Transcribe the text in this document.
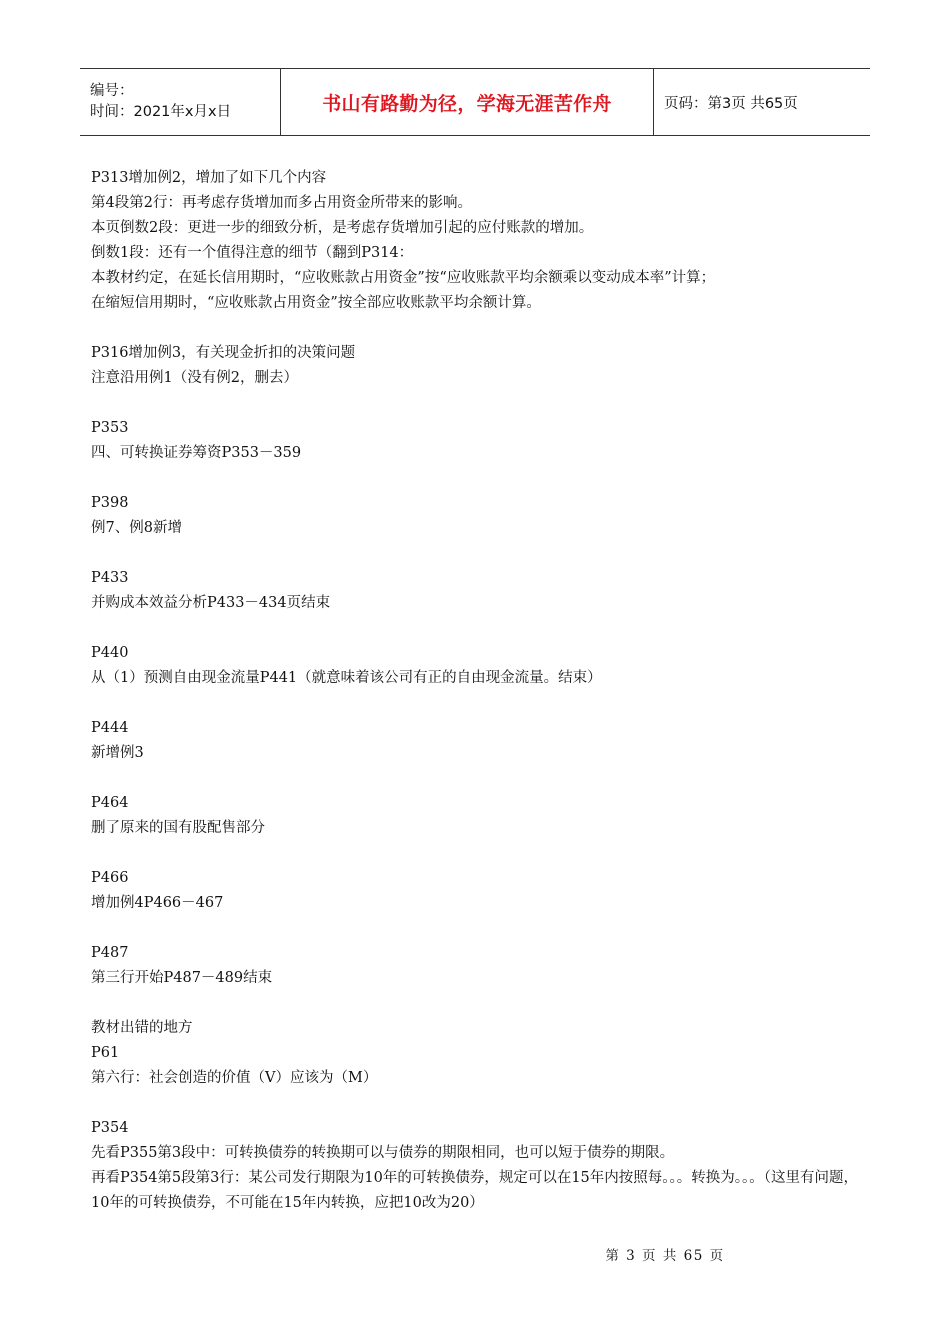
编号：
时间：2021年x月x日	书山有路勤为径，学海无涯苦作舟	页码：第3页 共65页
P313增加例2，增加了如下几个内容
第4段第2行：再考虑存货增加而多占用资金所带来的影响。
本页倒数2段：更进一步的细致分析，是考虑存货增加引起的应付账款的增加。
倒数1段：还有一个值得注意的细节（翻到P314：
本教材约定，在延长信用期时，“应收账款占用资金”按“应收账款平均余额乘以变动成本率”计算；
在缩短信用期时，“应收账款占用资金”按全部应收账款平均余额计算。
P316增加例3，有关现金折扣的决策问题
注意沿用例1（没有例2，删去）
P353
四、可转换证券筹资P353－359
P398
例7、例8新增
P433
并购成本效益分析P433－434页结束
P440
从（1）预测自由现金流量P441（就意味着该公司有正的自由现金流量。结束）
P444
新增例3
P464
删了原来的国有股配售部分
P466
增加例4P466－467
P487
第三行开始P487－489结束
教材出错的地方
P61
第六行：社会创造的价值（V）应该为（M）
P354
先看P355第3段中：可转换债券的转换期可以与债券的期限相同，也可以短于债券的期限。
再看P354第5段第3行：某公司发行期限为10年的可转换债券，规定可以在15年内按照每。。。转换为。。。（这里有问题，10年的可转换债券，不可能在15年内转换，应把10改为20）
第 3 页 共 65 页
